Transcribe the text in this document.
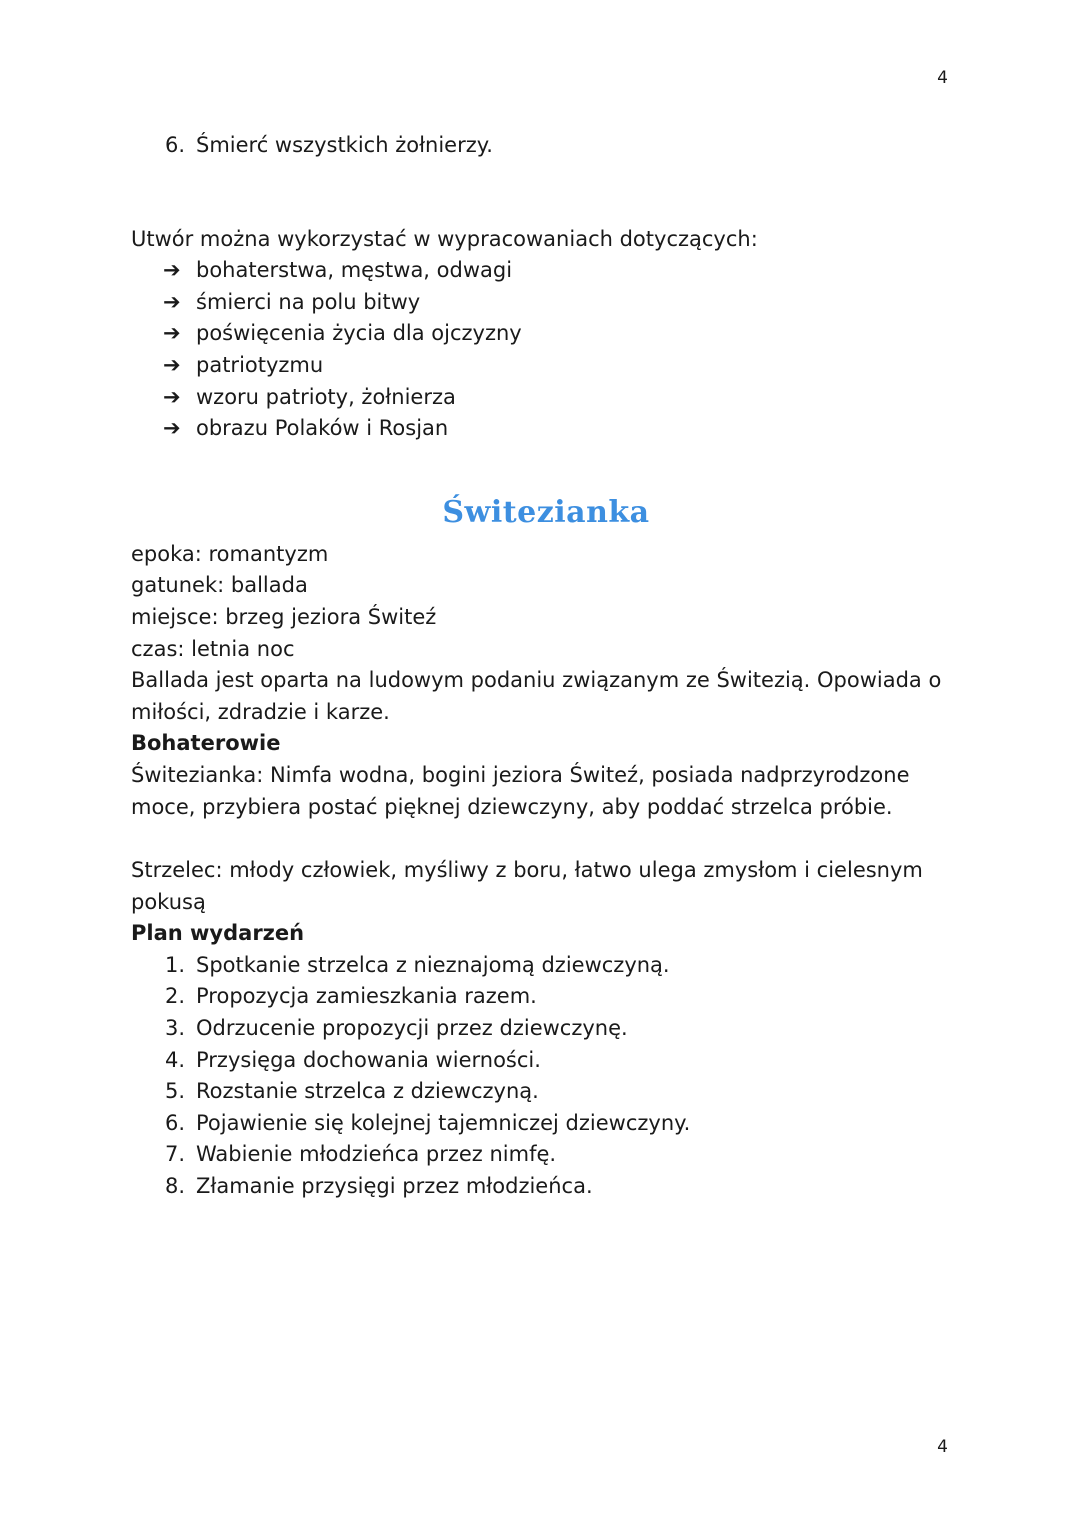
4
6. Śmierć wszystkich żołnierzy.

Utwór można wykorzystać w wypracowaniach dotyczących:

➔ bohaterstwa, męstwa, odwagi
➔ śmierci na polu bitwy
➔ poświęcenia życia dla ojczyzny
➔ patriotyzmu
➔ wzoru patrioty, żołnierza
➔ obrazu Polaków i Rosjan
Świtezianka

epoka: romantyzm

gatunek: ballada

miejsce: brzeg jeziora Świteź

czas: letnia noc

Ballada jest oparta na ludowym podaniu związanym ze Świtezią. Opowiada o miłości, zdradzie i karze.

Bohaterowie

Świtezianka: Nimfa wodna, bogini jeziora Świteź, posiada nadprzyrodzone moce, przybiera postać pięknej dziewczyny, aby poddać strzelca próbie.

Strzelec: młody człowiek, myśliwy z boru, łatwo ulega zmysłom i cielesnym pokusą

Plan wydarzeń

1. Spotkanie strzelca z nieznajomą dziewczyną.
2. Propozycja zamieszkania razem.
3. Odrzucenie propozycji przez dziewczynę.
4. Przysięga dochowania wierności.
5. Rozstanie strzelca z dziewczyną.
6. Pojawienie się kolejnej tajemniczej dziewczyny.
7. Wabienie młodzieńca przez nimfę.
8. Złamanie przysięgi przez młodzieńca.
4
